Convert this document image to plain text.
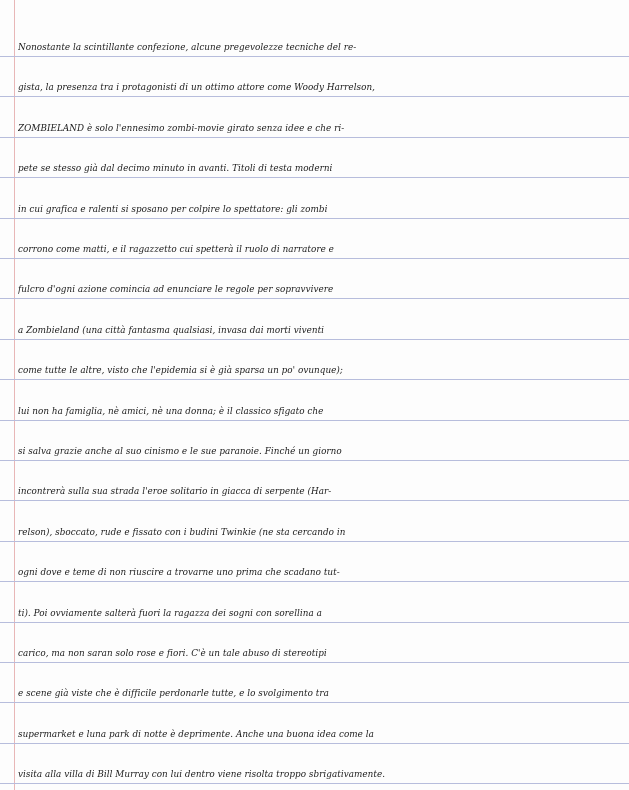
Nonostante la scintillante confezione, alcune pregevolezze tecniche del re-
gista, la presenza tra i protagonisti di un ottimo attore come Woody Harrelson,
ZOMBIELAND è solo l'ennesimo zombi-movie girato senza idee e che ri-
pete se stesso già dal decimo minuto in avanti. Titoli di testa moderni
in cui grafica e ralenti si sposano per colpire lo spettatore: gli zombi
corrono come matti, e il ragazzetto cui spetterà il ruolo di narratore e
fulcro d'ogni azione comincia ad enunciare le regole per sopravvivere
a Zombieland (una città fantasma qualsiasi, invasa dai morti viventi
come tutte le altre, visto che l'epidemia si è già sparsa un po' ovunque);
lui non ha famiglia, nè amici, nè una donna; è il classico sfigato che
si salva grazie anche al suo cinismo e le sue paranoie. Finché un giorno
incontrerà sulla sua strada l'eroe solitario in giacca di serpente (Har-
relson), sboccato, rude e fissato con i budini Twinkie (ne sta cercando in
ogni dove e teme di non riuscire a trovarne uno prima che scadano tut-
ti). Poi ovviamente salterà fuori la ragazza dei sogni con sorellina a
carico, ma non saran solo rose e fiori. C'è un tale abuso di stereotipi
e scene già viste che è difficile perdonarle tutte, e lo svolgimento tra
supermarket e luna park di notte è deprimente. Anche una buona idea come la
visita alla villa di Bill Murray con lui dentro viene risolta troppo sbrigativamente.
